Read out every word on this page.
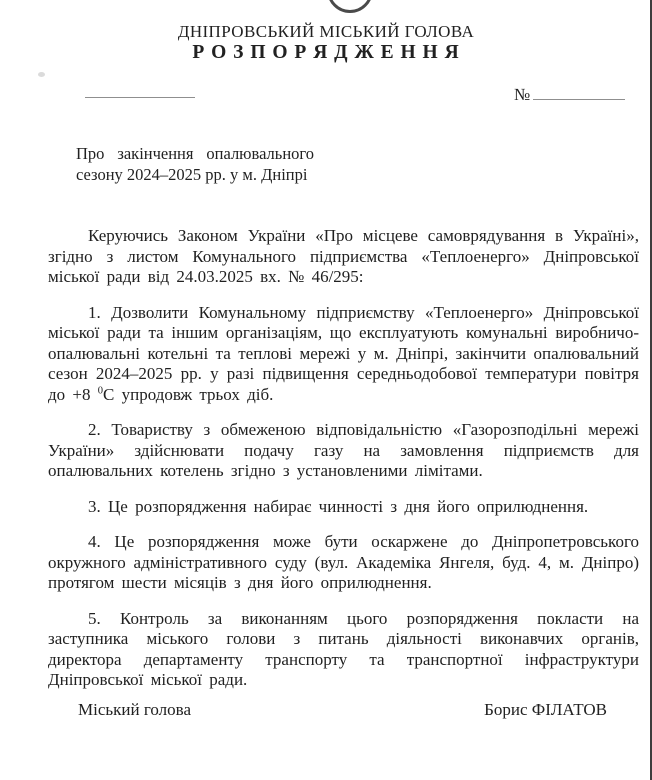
ДНІПРОВСЬКИЙ МІСЬКИЙ ГОЛОВА
Р О З П О Р Я Д Ж Е Н Н Я
№
Про закінчення опалювального сезону 2024–2025 рр. у м. Дніпрі

Керуючись Законом України «Про місцеве самоврядування в Україні», згідно з листом Комунального підприємства «Теплоенерго» Дніпровської міської ради від 24.03.2025 вх. № 46/295:

1. Дозволити Комунальному підприємству «Теплоенерго» Дніпровської міської ради та іншим організаціям, що експлуатують комунальні виробничо-опалювальні котельні та теплові мережі у м. Дніпрі, закінчити опалювальний сезон 2024–2025 рр. у разі підвищення середньодобової температури повітря до +8 $^0$С упродовж трьох діб.

2. Товариству з обмеженою відповідальністю «Газорозподільні мережі України» здійснювати подачу газу на замовлення підприємств для опалювальних котелень згідно з установленими лімітами.

3. Це розпорядження набирає чинності з дня його оприлюднення.

4. Це розпорядження може бути оскаржене до Дніпропетровського окружного адміністративного суду (вул. Академіка Янгеля, буд. 4, м. Дніпро) протягом шести місяців з дня його оприлюднення.

5. Контроль за виконанням цього розпорядження покласти на заступника міського голови з питань діяльності виконавчих органів, директора департаменту транспорту та транспортної інфраструктури Дніпровської міської ради.

Міський голова	Борис ФІЛАТОВ
